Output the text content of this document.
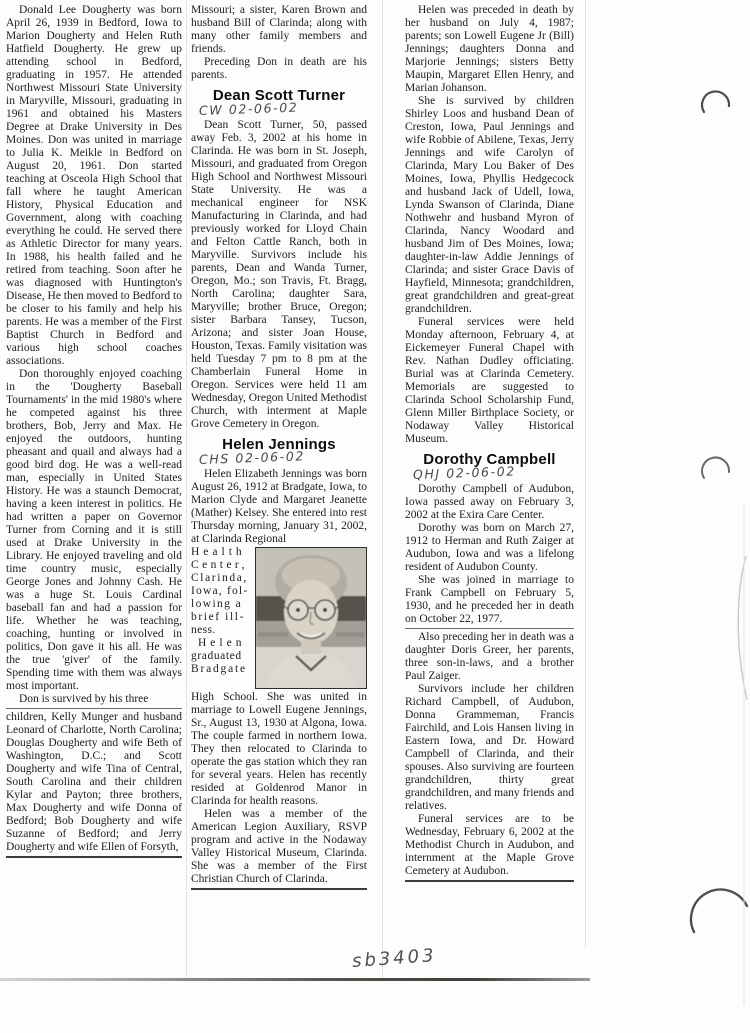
Donald Lee Dougherty was born April 26, 1939 in Bedford, Iowa to Marion Dougherty and Helen Ruth Hatfield Dougherty. He grew up attending school in Bedford, graduating in 1957. He attended Northwest Missouri State University in Maryville, Missouri, graduating in 1961 and obtained his Masters Degree at Drake University in Des Moines. Don was united in marriage to Julia K. Meikle in Bedford on August 20, 1961. Don started teaching at Osceola High School that fall where he taught American History, Physical Education and Government, along with coaching everything he could. He served there as Athletic Director for many years. In 1988, his health failed and he retired from teaching. Soon after he was diagnosed with Huntington's Disease, He then moved to Bedford to be closer to his family and help his parents. He was a member of the First Baptist Church in Bedford and various high school coaches associations.

Don thoroughly enjoyed coaching in the 'Dougherty Baseball Tournaments' in the mid 1980's where he competed against his three brothers, Bob, Jerry and Max. He enjoyed the outdoors, hunting pheasant and quail and always had a good bird dog. He was a well-read man, especially in United States History. He was a staunch Democrat, having a keen interest in politics. He had written a paper on Governor Turner from Corning and it is still used at Drake University in the Library. He enjoyed traveling and old time country music, especially George Jones and Johnny Cash. He was a huge St. Louis Cardinal baseball fan and had a passion for life. Whether he was teaching, coaching, hunting or involved in politics, Don gave it his all. He was the true 'giver' of the family. Spending time with them was always most important.

Don is survived by his three

children, Kelly Munger and husband Leonard of Charlotte, North Carolina; Douglas Dougherty and wife Beth of Washington, D.C.; and Scott Dougherty and wife Tina of Central, South Carolina and their children Kylar and Payton; three brothers, Max Dougherty and wife Donna of Bedford; Bob Dougherty and wife Suzanne of Bedford; and Jerry Dougherty and wife Ellen of Forsyth,

Missouri; a sister, Karen Brown and husband Bill of Clarinda; along with many other family members and friends.

Preceding Don in death are his parents.

Dean Scott Turner
CW 02-06-02

Dean Scott Turner, 50, passed away Feb. 3, 2002 at his home in Clarinda. He was born in St. Joseph, Missouri, and graduated from Oregon High School and Northwest Missouri State University. He was a mechanical engineer for NSK Manufacturing in Clarinda, and had previously worked for Lloyd Chain and Felton Cattle Ranch, both in Maryville. Survivors include his parents, Dean and Wanda Turner, Oregon, Mo.; son Travis, Ft. Bragg, North Carolina; daughter Sara, Maryville; brother Bruce, Oregon; sister Barbara Tansey, Tucson, Arizona; and sister Joan House, Houston, Texas. Family visitation was held Tuesday 7 pm to 8 pm at the Chamberlain Funeral Home in Oregon. Services were held 11 am Wednesday, Oregon United Methodist Church, with interment at Maple Grove Cemetery in Oregon.

Helen Jennings
CHS 02-06-02

Helen Elizabeth Jennings was born August 26, 1912 at Bradgate, Iowa, to Marion Clyde and Margaret Jeanette (Mather) Kelsey. She entered into rest Thursday morning, January 31, 2002, at Clarinda Regional

Health
Center,
Clarinda,
Iowa, fol-
lowing a
brief ill-
ness.
Helen
graduated
Bradgate

High School. She was united in marriage to Lowell Eugene Jennings, Sr., August 13, 1930 at Algona, Iowa. The couple farmed in northern Iowa. They then relocated to Clarinda to operate the gas station which they ran for several years. Helen has recently resided at Goldenrod Manor in Clarinda for health reasons.

Helen was a member of the American Legion Auxiliary, RSVP program and active in the Nodaway Valley Historical Museum, Clarinda. She was a member of the First Christian Church of Clarinda.

Helen was preceded in death by her husband on July 4, 1987; parents; son Lowell Eugene Jr (Bill) Jennings; daughters Donna and Marjorie Jennings; sisters Betty Maupin, Margaret Ellen Henry, and Marian Johanson.

She is survived by children Shirley Loos and husband Dean of Creston, Iowa, Paul Jennings and wife Robbie of Abilene, Texas, Jerry Jennings and wife Carolyn of Clarinda, Mary Lou Baker of Des Moines, Iowa, Phyllis Hedgecock and husband Jack of Udell, Iowa, Lynda Swanson of Clarinda, Diane Nothwehr and husband Myron of Clarinda, Nancy Woodard and husband Jim of Des Moines, Iowa; daughter-in-law Addie Jennings of Clarinda; and sister Grace Davis of Hayfield, Minnesota; grandchildren, great grandchildren and great-great grandchildren.

Funeral services were held Monday afternoon, February 4, at Eickemeyer Funeral Chapel with Rev. Nathan Dudley officiating. Burial was at Clarinda Cemetery. Memorials are suggested to Clarinda School Scholarship Fund, Glenn Miller Birthplace Society, or Nodaway Valley Historical Museum.

Dorothy Campbell
QHJ 02-06-02

Dorothy Campbell of Audubon, Iowa passed away on February 3, 2002 at the Exira Care Center.

Dorothy was born on March 27, 1912 to Herman and Ruth Zaiger at Audubon, Iowa and was a lifelong resident of Audubon County.

She was joined in marriage to Frank Campbell on February 5, 1930, and he preceded her in death on October 22, 1977.

Also preceding her in death was a daughter Doris Greer, her parents, three son-in-laws, and a brother Paul Zaiger.

Survivors include her children Richard Campbell, of Audubon, Donna Grammeman, Francis Fairchild, and Lois Hansen living in Eastern Iowa, and Dr. Howard Campbell of Clarinda, and their spouses. Also surviving are fourteen grandchildren, thirty great grandchildren, and many friends and relatives.

Funeral services are to be Wednesday, February 6, 2002 at the Methodist Church in Audubon, and internment at the Maple Grove Cemetery at Audubon.

sb3403
